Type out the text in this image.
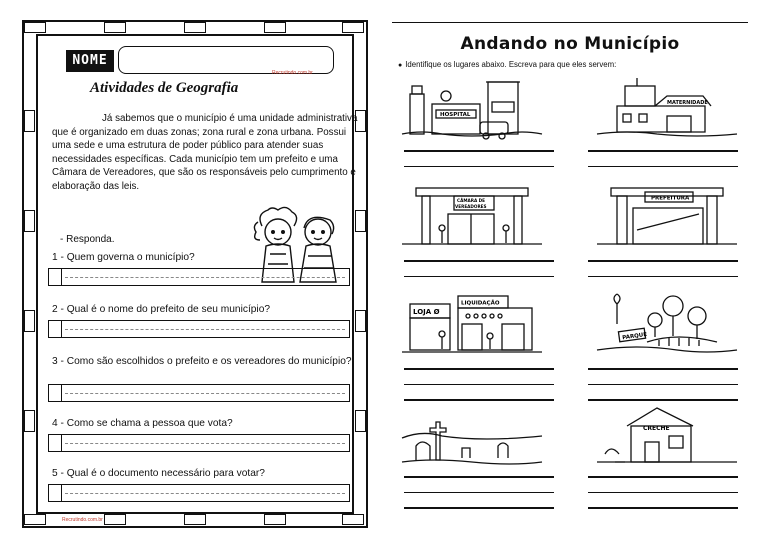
NOME
Recrutindo.com.br
Atividades de Geografia
Já sabemos que o município é uma unidade administrativa que é organizado em duas zonas; zona rural e zona urbana. Possui uma sede e uma estrutura de poder público para atender suas necessidades específicas. Cada município tem um prefeito e uma Câmara de Vereadores, que são os responsáveis pelo cumprimento e elaboração das leis.
- Responda.
1 - Quem governa o município?
2 - Qual é o nome do prefeito de seu município?
3 - Como são escolhidos o prefeito e os vereadores do município?
4 - Como se chama a pessoa que vota?
5 - Qual é o documento necessário para votar?
Recrutindo.com.br
Andando no Município
● Identifique os lugares abaixo. Escreva para que eles servem:
HOSPITAL
MATERNIDADE
CÂMARA DE
VEREADORES
PREFEITURA
LOJA Ø
LIQUIDAÇÃO
PARQUE
CRECHE
